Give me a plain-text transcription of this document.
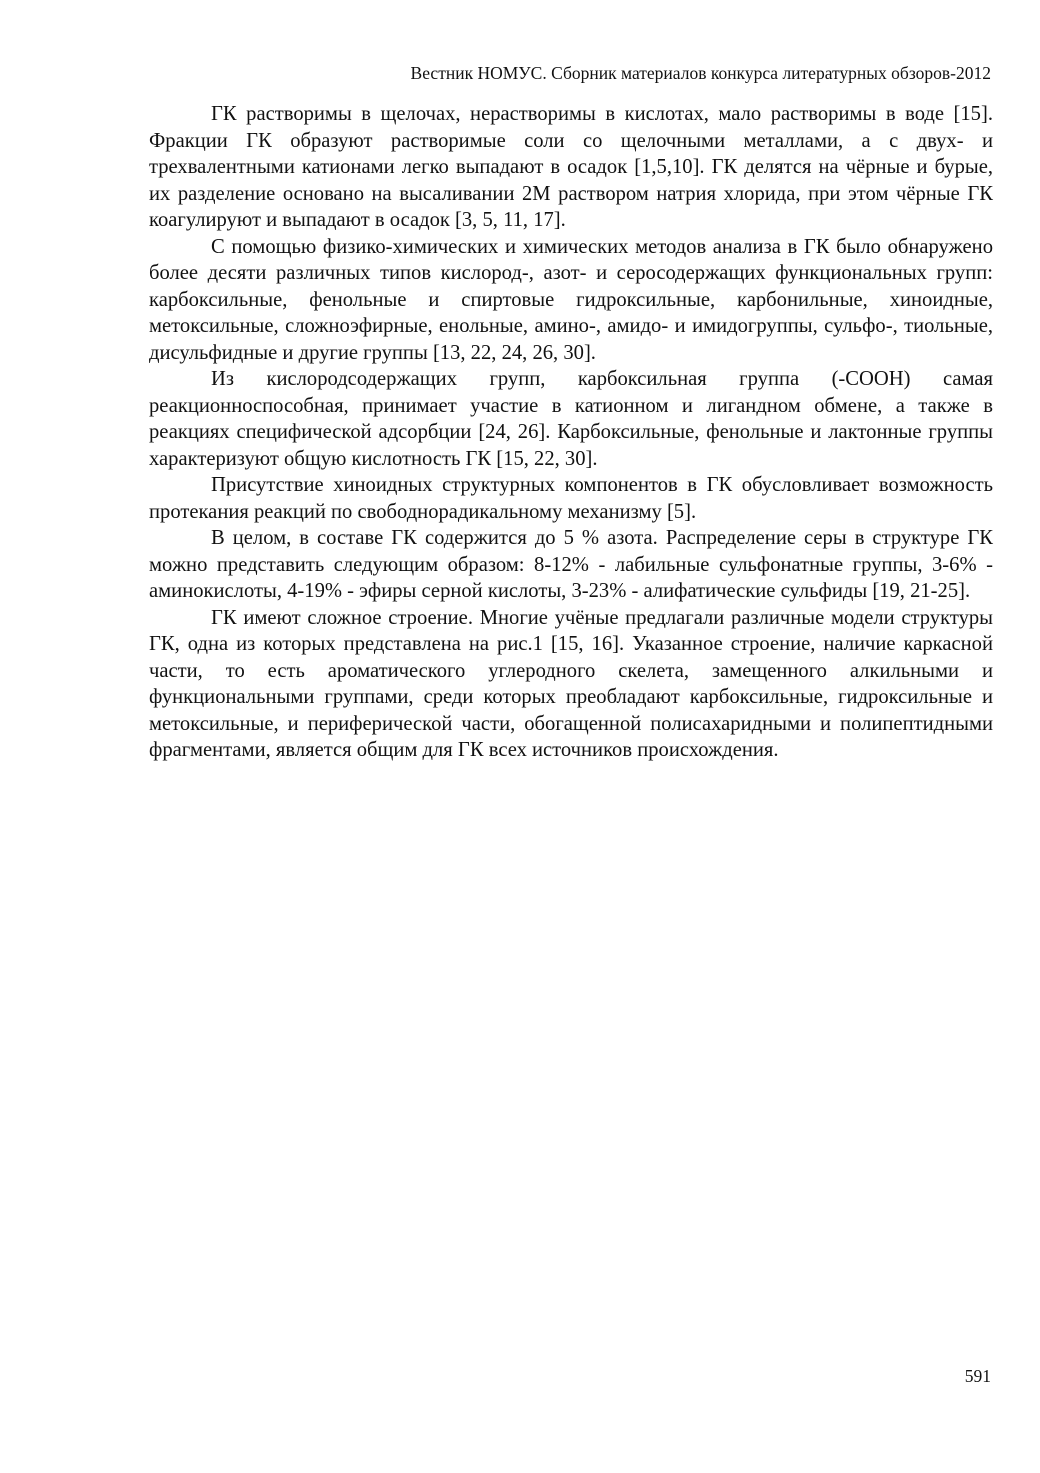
Вестник НОМУС. Сборник материалов конкурса литературных обзоров-2012

ГК растворимы в щелочах, нерастворимы в кислотах, мало растворимы в воде [15]. Фракции ГК образуют растворимые соли со щелочными металлами, а с двух- и трехвалентными катионами легко выпадают в осадок [1,5,10]. ГК делятся на чёрные и бурые, их разделение основано на высаливании 2М раствором натрия хлорида, при этом чёрные ГК коагулируют и выпадают в осадок [3, 5, 11, 17].

С помощью физико-химических и химических методов анализа в ГК было обнаружено более десяти различных типов кислород-, азот- и серосодержащих функциональных групп: карбоксильные, фенольные и спиртовые гидроксильные, карбонильные, хиноидные, метоксильные, сложноэфирные, енольные, амино-, амидо- и имидогруппы, сульфо-, тиольные, дисульфидные и другие группы [13, 22, 24, 26, 30].

Из кислородсодержащих групп, карбоксильная группа (-COOH) самая реакционноспособная, принимает участие в катионном и лигандном обмене, а также в реакциях специфической адсорбции [24, 26]. Карбоксильные, фенольные и лактонные группы характеризуют общую кислотность ГК [15, 22, 30].

Присутствие хиноидных структурных компонентов в ГК обусловливает возможность протекания реакций по свободнорадикальному механизму [5].

В целом, в составе ГК содержится до 5 % азота. Распределение серы в структуре ГК можно представить следующим образом: 8-12% - лабильные сульфонатные группы, 3-6% - аминокислоты, 4-19% - эфиры серной кислоты, 3-23% - алифатические сульфиды [19, 21-25].

ГК имеют сложное строение. Многие учёные предлагали различные модели структуры ГК, одна из которых представлена на рис.1 [15, 16]. Указанное строение, наличие каркасной части, то есть ароматического углеродного скелета, замещенного алкильными и функциональными группами, среди которых преобладают карбоксильные, гидроксильные и метоксильные, и периферической части, обогащенной полисахаридными и полипептидными фрагментами, является общим для ГК всех источников происхождения.

591
